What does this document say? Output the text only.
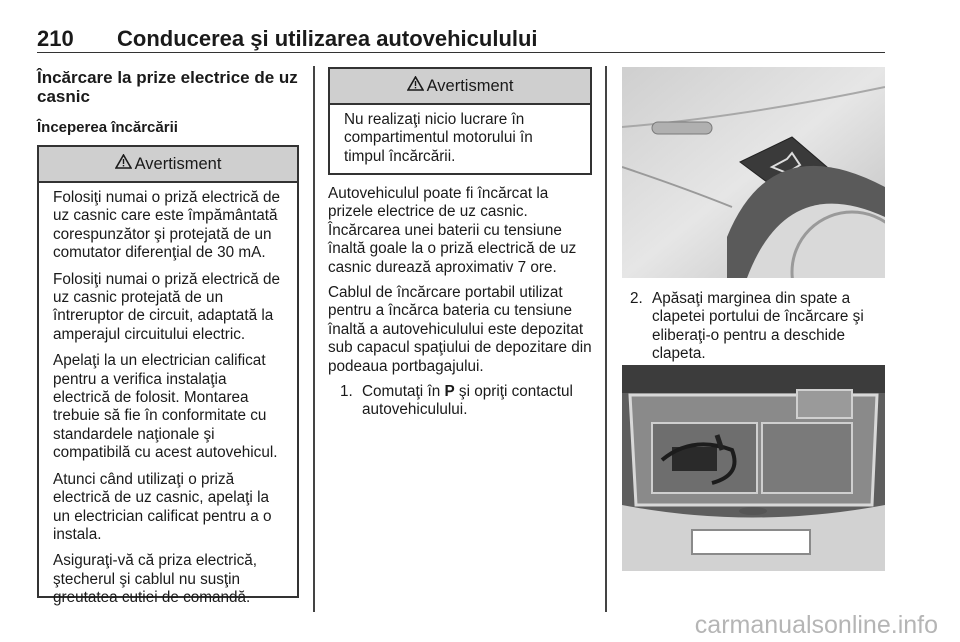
210 Conducerea şi utilizarea autovehiculului
Încărcare la prize electrice de uz casnic
Începerea încărcării
Avertisment

Folosiţi numai o priză electrică de uz casnic care este împământată corespunzător şi protejată de un comutator diferenţial de 30 mA.

Folosiţi numai o priză electrică de uz casnic protejată de un întreruptor de circuit, adaptată la amperajul circuitului electric.

Apelaţi la un electrician calificat pentru a verifica instalaţia electrică de folosit. Montarea trebuie să fie în conformitate cu standardele naţionale şi compatibilă cu acest autovehicul.

Atunci când utilizaţi o priză electrică de uz casnic, apelaţi la un electrician calificat pentru a o instala.

Asiguraţi-vă că priza electrică, ştecherul şi cablul nu susţin greutatea cutiei de comandă.

Avertisment

Nu realizaţi nicio lucrare în compartimentul motorului în timpul încărcării.

Autovehiculul poate fi încărcat la prizele electrice de uz casnic. Încărcarea unei baterii cu tensiune înaltă goale la o priză electrică de uz casnic durează aproximativ 7 ore.

Cablul de încărcare portabil utilizat pentru a încărca bateria cu tensiune înaltă a autovehiculului este depozitat sub capacul spaţiului de depozitare din podeaua portbagajului.

1. Comutaţi în P şi opriţi contactul autovehiculului.
2. Apăsaţi marginea din spate a clapetei portului de încărcare şi eliberaţi-o pentru a deschide clapeta.
carmanualsonline.info
